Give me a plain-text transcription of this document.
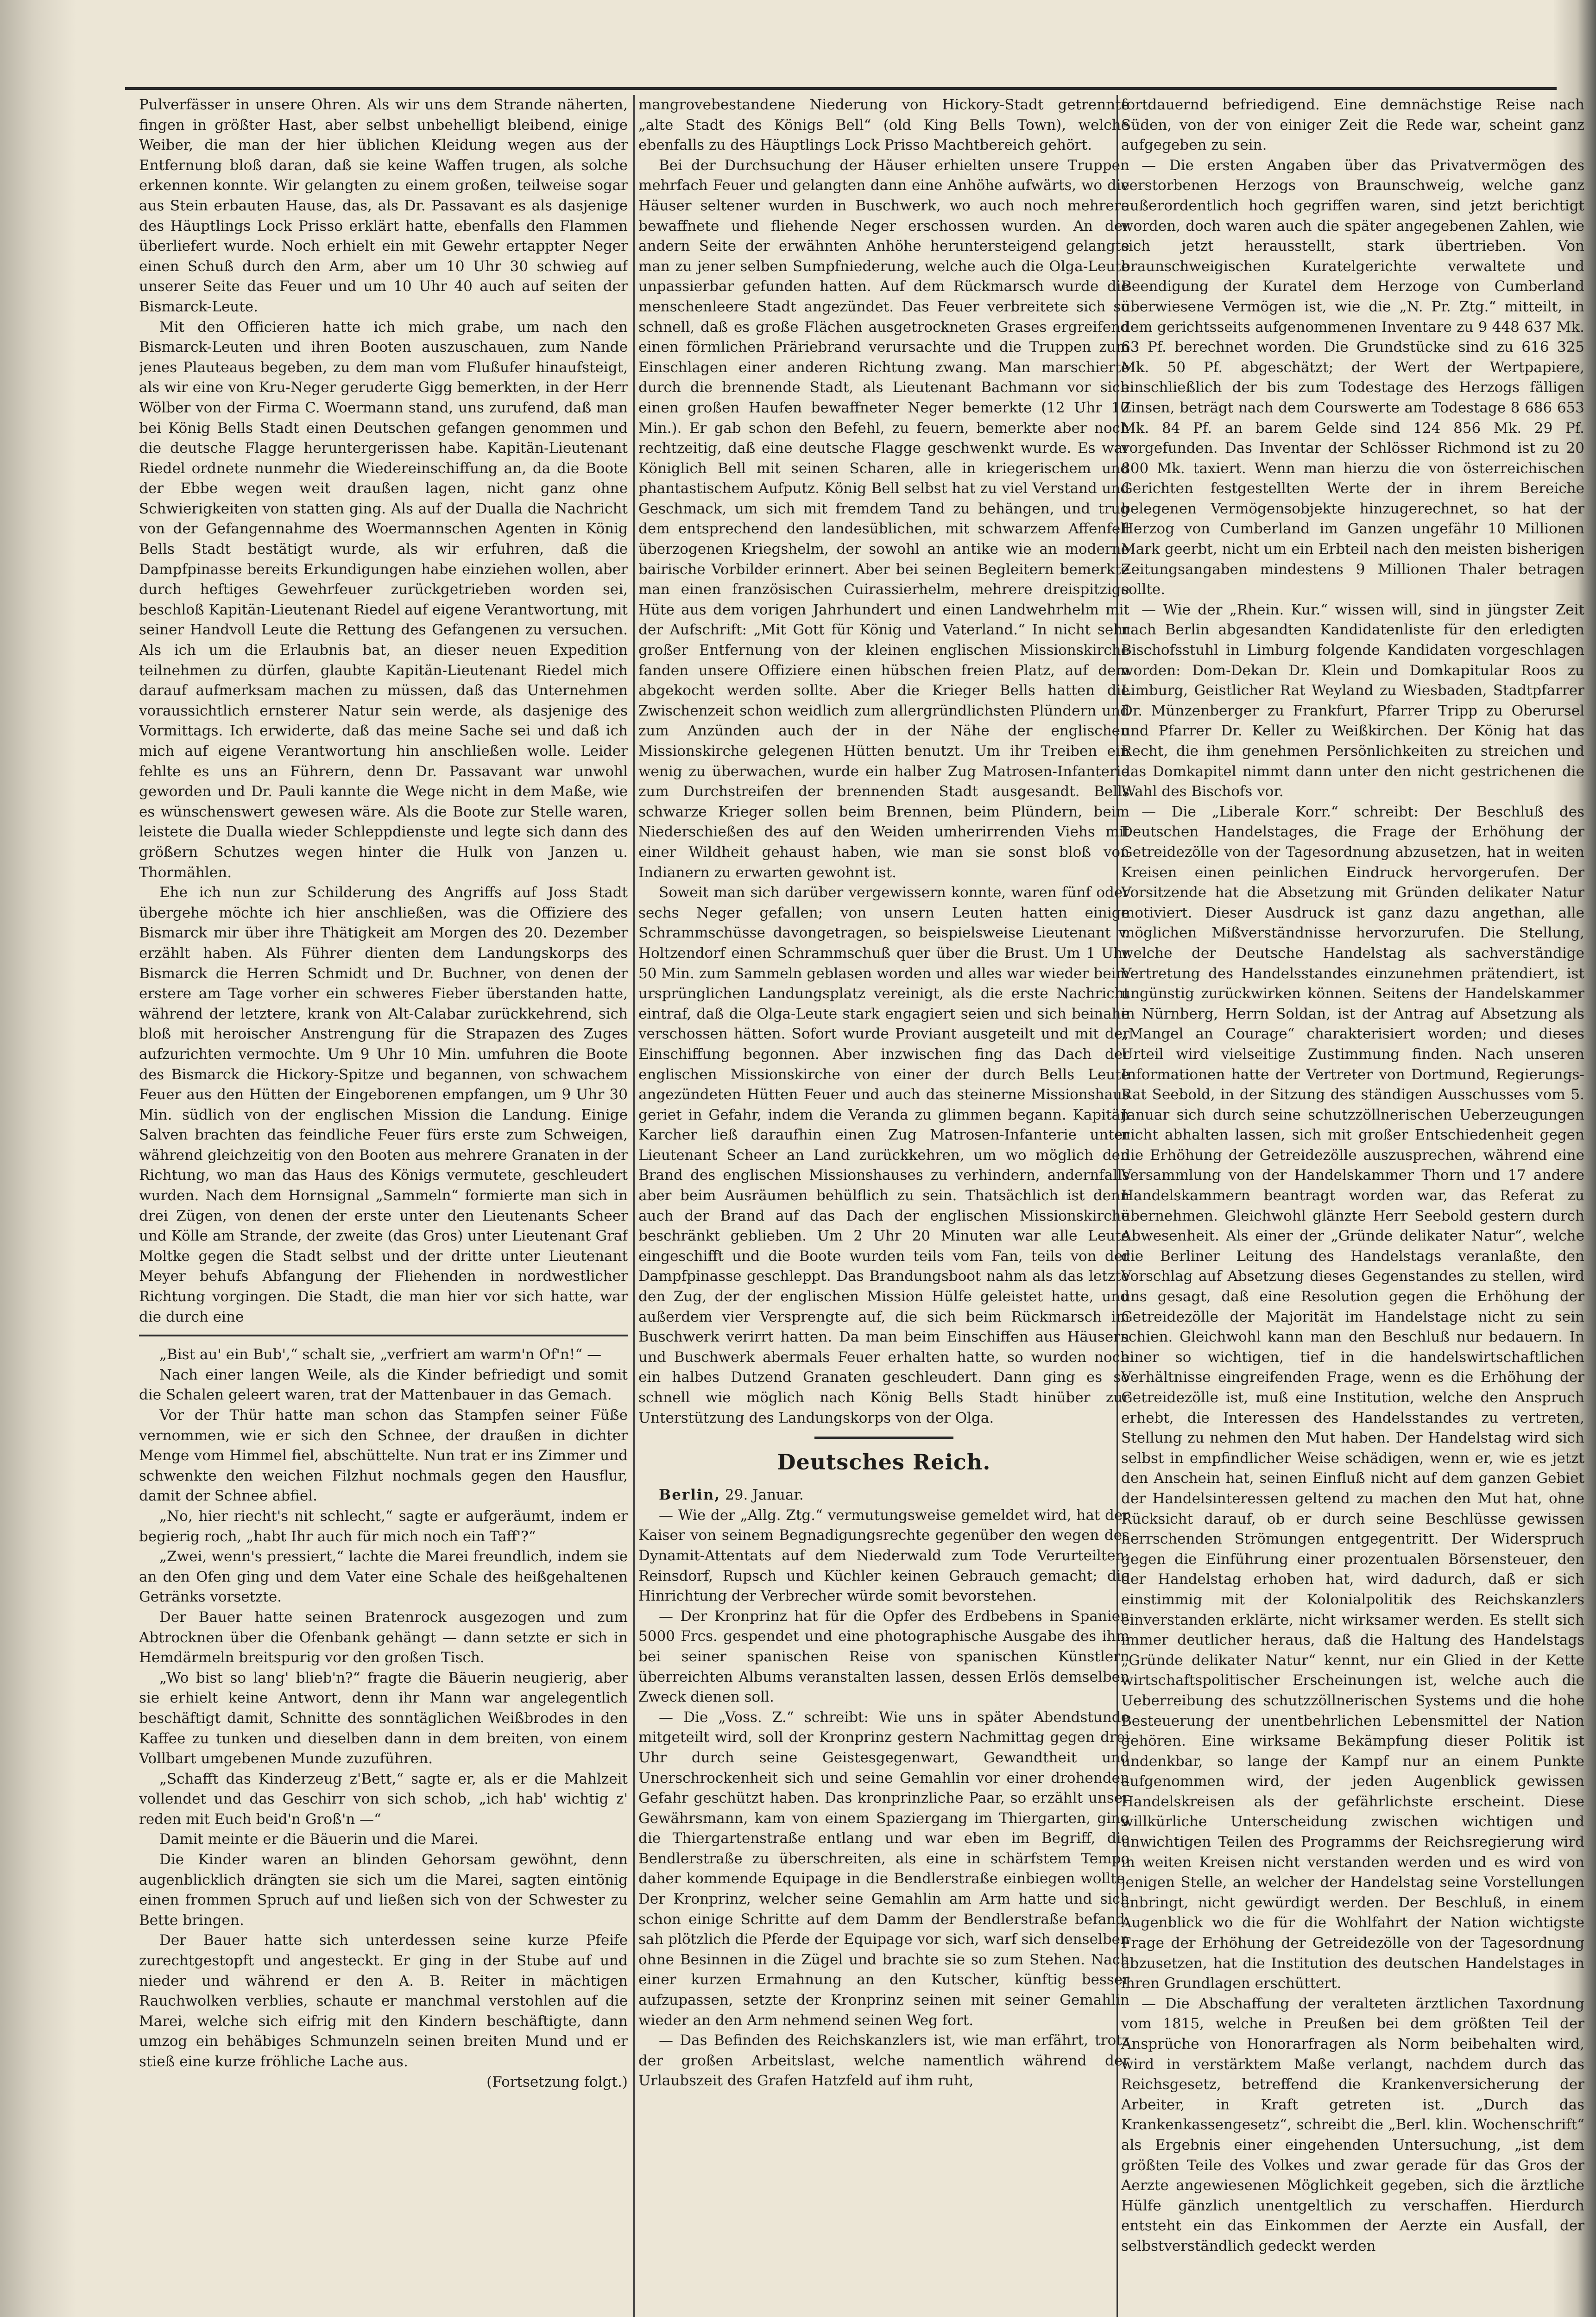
Pulverfässer in unsere Ohren. Als wir uns dem Strande näherten, fingen in größter Hast, aber selbst unbehelligt bleibend, einige Weiber, die man der hier üblichen Kleidung wegen aus der Entfernung bloß daran, daß sie keine Waffen trugen, als solche erkennen konnte. Wir gelangten zu einem großen, teilweise sogar aus Stein erbauten Hause, das, als Dr. Passavant es als dasjenige des Häuptlings Lock Prisso erklärt hatte, ebenfalls den Flammen überliefert wurde. Noch erhielt ein mit Gewehr ertappter Neger einen Schuß durch den Arm, aber um 10 Uhr 30 schwieg auf unserer Seite das Feuer und um 10 Uhr 40 auch auf seiten der Bismarck-Leute.

Mit den Officieren hatte ich mich grabe, um nach den Bismarck-Leuten und ihren Booten auszuschauen, zum Nande jenes Plauteaus begeben, zu dem man vom Flußufer hinaufsteigt, als wir eine von Kru-Neger geruderte Gigg bemerkten, in der Herr Wölber von der Firma C. Woermann stand, uns zurufend, daß man bei König Bells Stadt einen Deutschen gefangen genommen und die deutsche Flagge heruntergerissen habe. Kapitän-Lieutenant Riedel ordnete nunmehr die Wiedereinschiffung an, da die Boote der Ebbe wegen weit draußen lagen, nicht ganz ohne Schwierigkeiten von statten ging. Als auf der Dualla die Nachricht von der Gefangennahme des Woermannschen Agenten in König Bells Stadt bestätigt wurde, als wir erfuhren, daß die Dampfpinasse bereits Erkundigungen habe einziehen wollen, aber durch heftiges Gewehrfeuer zurückgetrieben worden sei, beschloß Kapitän-Lieutenant Riedel auf eigene Verantwortung, mit seiner Handvoll Leute die Rettung des Gefangenen zu versuchen. Als ich um die Erlaubnis bat, an dieser neuen Expedition teilnehmen zu dürfen, glaubte Kapitän-Lieutenant Riedel mich darauf aufmerksam machen zu müssen, daß das Unternehmen voraussichtlich ernsterer Natur sein werde, als dasjenige des Vormittags. Ich erwiderte, daß das meine Sache sei und daß ich mich auf eigene Verantwortung hin anschließen wolle. Leider fehlte es uns an Führern, denn Dr. Passavant war unwohl geworden und Dr. Pauli kannte die Wege nicht in dem Maße, wie es wünschenswert gewesen wäre. Als die Boote zur Stelle waren, leistete die Dualla wieder Schleppdienste und legte sich dann des größern Schutzes wegen hinter die Hulk von Janzen u. Thormählen.

Ehe ich nun zur Schilderung des Angriffs auf Joss Stadt übergehe möchte ich hier anschließen, was die Offiziere des Bismarck mir über ihre Thätigkeit am Morgen des 20. Dezember erzählt haben. Als Führer dienten dem Landungskorps des Bismarck die Herren Schmidt und Dr. Buchner, von denen der erstere am Tage vorher ein schweres Fieber überstanden hatte, während der letztere, krank von Alt-Calabar zurückkehrend, sich bloß mit heroischer Anstrengung für die Strapazen des Zuges aufzurichten vermochte. Um 9 Uhr 10 Min. umfuhren die Boote des Bismarck die Hickory-Spitze und begannen, von schwachem Feuer aus den Hütten der Eingeborenen empfangen, um 9 Uhr 30 Min. südlich von der englischen Mission die Landung. Einige Salven brachten das feindliche Feuer fürs erste zum Schweigen, während gleichzeitig von den Booten aus mehrere Granaten in der Richtung, wo man das Haus des Königs vermutete, geschleudert wurden. Nach dem Hornsignal „Sammeln“ formierte man sich in drei Zügen, von denen der erste unter den Lieutenants Scheer und Kölle am Strande, der zweite (das Gros) unter Lieutenant Graf Moltke gegen die Stadt selbst und der dritte unter Lieutenant Meyer behufs Abfangung der Fliehenden in nordwestlicher Richtung vorgingen. Die Stadt, die man hier vor sich hatte, war die durch eine

„Bist au' ein Bub',“ schalt sie, „verfriert am warm'n Of'n!“ —

Nach einer langen Weile, als die Kinder befriedigt und somit die Schalen geleert waren, trat der Mattenbauer in das Gemach.

Vor der Thür hatte man schon das Stampfen seiner Füße vernommen, wie er sich den Schnee, der draußen in dichter Menge vom Himmel fiel, abschüttelte. Nun trat er ins Zimmer und schwenkte den weichen Filzhut nochmals gegen den Hausflur, damit der Schnee abfiel.

„No, hier riecht's nit schlecht,“ sagte er aufgeräumt, indem er begierig roch, „habt Ihr auch für mich noch ein Taff'?“

„Zwei, wenn's pressiert,“ lachte die Marei freundlich, indem sie an den Ofen ging und dem Vater eine Schale des heißgehaltenen Getränks vorsetzte.

Der Bauer hatte seinen Bratenrock ausgezogen und zum Abtrocknen über die Ofenbank gehängt — dann setzte er sich in Hemdärmeln breitspurig vor den großen Tisch.

„Wo bist so lang' blieb'n?“ fragte die Bäuerin neugierig, aber sie erhielt keine Antwort, denn ihr Mann war angelegentlich beschäftigt damit, Schnitte des sonntäglichen Weißbrodes in den Kaffee zu tunken und dieselben dann in dem breiten, von einem Vollbart umgebenen Munde zuzuführen.

„Schafft das Kinderzeug z'Bett,“ sagte er, als er die Mahlzeit vollendet und das Geschirr von sich schob, „ich hab' wichtig z' reden mit Euch beid'n Groß'n —“

Damit meinte er die Bäuerin und die Marei.

Die Kinder waren an blinden Gehorsam gewöhnt, denn augenblicklich drängten sie sich um die Marei, sagten eintönig einen frommen Spruch auf und ließen sich von der Schwester zu Bette bringen.

Der Bauer hatte sich unterdessen seine kurze Pfeife zurechtgestopft und angesteckt. Er ging in der Stube auf und nieder und während er den A. B. Reiter in mächtigen Rauchwolken verblies, schaute er manchmal verstohlen auf die Marei, welche sich eifrig mit den Kindern beschäftigte, dann umzog ein behäbiges Schmunzeln seinen breiten Mund und er stieß eine kurze fröhliche Lache aus.

(Fortsetzung folgt.)

mangrovebestandene Niederung von Hickory-Stadt getrennte „alte Stadt des Königs Bell“ (old King Bells Town), welche ebenfalls zu des Häuptlings Lock Prisso Machtbereich gehört.

Bei der Durchsuchung der Häuser erhielten unsere Truppen mehrfach Feuer und gelangten dann eine Anhöhe aufwärts, wo die Häuser seltener wurden in Buschwerk, wo auch noch mehrere bewaffnete und fliehende Neger erschossen wurden. An der andern Seite der erwähnten Anhöhe heruntersteigend gelangte man zu jener selben Sumpfniederung, welche auch die Olga-Leute unpassierbar gefunden hatten. Auf dem Rückmarsch wurde die menschenleere Stadt angezündet. Das Feuer verbreitete sich so schnell, daß es große Flächen ausgetrockneten Grases ergreifend einen förmlichen Präriebrand verursachte und die Truppen zum Einschlagen einer anderen Richtung zwang. Man marschierte durch die brennende Stadt, als Lieutenant Bachmann vor sich einen großen Haufen bewaffneter Neger bemerkte (12 Uhr 10 Min.). Er gab schon den Befehl, zu feuern, bemerkte aber noch rechtzeitig, daß eine deutsche Flagge geschwenkt wurde. Es war Königlich Bell mit seinen Scharen, alle in kriegerischem und phantastischem Aufputz. König Bell selbst hat zu viel Verstand und Geschmack, um sich mit fremdem Tand zu behängen, und trug dem entsprechend den landesüblichen, mit schwarzem Affenfell überzogenen Kriegshelm, der sowohl an antike wie an moderne bairische Vorbilder erinnert. Aber bei seinen Begleitern bemerkte man einen französischen Cuirassierhelm, mehrere dreispitzige Hüte aus dem vorigen Jahrhundert und einen Landwehrhelm mit der Aufschrift: „Mit Gott für König und Vaterland.“ In nicht sehr großer Entfernung von der kleinen englischen Missionskirche fanden unsere Offiziere einen hübschen freien Platz, auf dem abgekocht werden sollte. Aber die Krieger Bells hatten die Zwischenzeit schon weidlich zum allergründlichsten Plündern und zum Anzünden auch der in der Nähe der englischen Missionskirche gelegenen Hütten benutzt. Um ihr Treiben ein wenig zu überwachen, wurde ein halber Zug Matrosen-Infanterie zum Durchstreifen der brennenden Stadt ausgesandt. Bells schwarze Krieger sollen beim Brennen, beim Plündern, beim Niederschießen des auf den Weiden umherirrenden Viehs mit einer Wildheit gehaust haben, wie man sie sonst bloß von Indianern zu erwarten gewohnt ist.

Soweit man sich darüber vergewissern konnte, waren fünf oder sechs Neger gefallen; von unsern Leuten hatten einige Schrammschüsse davongetragen, so beispielsweise Lieutenant v. Holtzendorf einen Schrammschuß quer über die Brust. Um 1 Uhr 50 Min. zum Sammeln geblasen worden und alles war wieder beim ursprünglichen Landungsplatz vereinigt, als die erste Nachricht eintraf, daß die Olga-Leute stark engagiert seien und sich beinahe verschossen hätten. Sofort wurde Proviant ausgeteilt und mit der Einschiffung begonnen. Aber inzwischen fing das Dach der englischen Missionskirche von einer der durch Bells Leute angezündeten Hütten Feuer und auch das steinerne Missionshaus geriet in Gefahr, indem die Veranda zu glimmen begann. Kapitän Karcher ließ daraufhin einen Zug Matrosen-Infanterie unter Lieutenant Scheer an Land zurückkehren, um wo möglich den Brand des englischen Missionshauses zu verhindern, andernfalls aber beim Ausräumen behülflich zu sein. Thatsächlich ist denn auch der Brand auf das Dach der englischen Missionskirche beschränkt geblieben. Um 2 Uhr 20 Minuten war alle Leute eingeschifft und die Boote wurden teils vom Fan, teils von der Dampfpinasse geschleppt. Das Brandungsboot nahm als das letzte den Zug, der der englischen Mission Hülfe geleistet hatte, und außerdem vier Versprengte auf, die sich beim Rückmarsch im Buschwerk verirrt hatten. Da man beim Einschiffen aus Häusern und Buschwerk abermals Feuer erhalten hatte, so wurden noch ein halbes Dutzend Granaten geschleudert. Dann ging es so schnell wie möglich nach König Bells Stadt hinüber zur Unterstützung des Landungskorps von der Olga.

Deutsches Reich.

Berlin, 29. Januar.

— Wie der „Allg. Ztg.“ vermutungsweise gemeldet wird, hat der Kaiser von seinem Begnadigungsrechte gegenüber den wegen des Dynamit-Attentats auf dem Niederwald zum Tode Verurteilten: Reinsdorf, Rupsch und Küchler keinen Gebrauch gemacht; die Hinrichtung der Verbrecher würde somit bevorstehen.

— Der Kronprinz hat für die Opfer des Erdbebens in Spanien 5000 Frcs. gespendet und eine photographische Ausgabe des ihm bei seiner spanischen Reise von spanischen Künstlern überreichten Albums veranstalten lassen, dessen Erlös demselben Zweck dienen soll.

— Die „Voss. Z.“ schreibt: Wie uns in später Abendstunde mitgeteilt wird, soll der Kronprinz gestern Nachmittag gegen drei Uhr durch seine Geistesgegenwart, Gewandtheit und Unerschrockenheit sich und seine Gemahlin vor einer drohenden Gefahr geschützt haben. Das kronprinzliche Paar, so erzählt unser Gewährsmann, kam von einem Spaziergang im Thiergarten, ging die Thiergartenstraße entlang und war eben im Begriff, die Bendlerstraße zu überschreiten, als eine in schärfstem Tempo daher kommende Equipage in die Bendlerstraße einbiegen wollte. Der Kronprinz, welcher seine Gemahlin am Arm hatte und sich schon einige Schritte auf dem Damm der Bendlerstraße befand, sah plötzlich die Pferde der Equipage vor sich, warf sich denselben ohne Besinnen in die Zügel und brachte sie so zum Stehen. Nach einer kurzen Ermahnung an den Kutscher, künftig besser aufzupassen, setzte der Kronprinz seinen mit seiner Gemahlin wieder an den Arm nehmend seinen Weg fort.

— Das Befinden des Reichskanzlers ist, wie man erfährt, trotz der großen Arbeitslast, welche namentlich während der Urlaubszeit des Grafen Hatzfeld auf ihm ruht,

fortdauernd befriedigend. Eine demnächstige Reise nach Süden, von der von einiger Zeit die Rede war, scheint ganz aufgegeben zu sein.

— Die ersten Angaben über das Privatvermögen des verstorbenen Herzogs von Braunschweig, welche ganz außerordentlich hoch gegriffen waren, sind jetzt berichtigt worden, doch waren auch die später angegebenen Zahlen, wie sich jetzt herausstellt, stark übertrieben. Von braunschweigischen Kuratelgerichte verwaltete und Beendigung der Kuratel dem Herzoge von Cumberland überwiesene Vermögen ist, wie die „N. Pr. Ztg.“ mitteilt, in dem gerichtsseits aufgenommenen Inventare zu 9 448 637 Mk. 63 Pf. berechnet worden. Die Grundstücke sind zu 616 325 Mk. 50 Pf. abgeschätzt; der Wert der Wertpapiere, einschließlich der bis zum Todestage des Herzogs fälligen Zinsen, beträgt nach dem Courswerte am Todestage 8 686 653 Mk. 84 Pf. an barem Gelde sind 124 856 Mk. 29 Pf. vorgefunden. Das Inventar der Schlösser Richmond ist zu 20 800 Mk. taxiert. Wenn man hierzu die von österreichischen Gerichten festgestellten Werte der in ihrem Bereiche belegenen Vermögensobjekte hinzugerechnet, so hat der Herzog von Cumberland im Ganzen ungefähr 10 Millionen Mark geerbt, nicht um ein Erbteil nach den meisten bisherigen Zeitungsangaben mindestens 9 Millionen Thaler betragen sollte.

— Wie der „Rhein. Kur.“ wissen will, sind in jüngster Zeit nach Berlin abgesandten Kandidatenliste für den erledigten Bischofsstuhl in Limburg folgende Kandidaten vorgeschlagen worden: Dom-Dekan Dr. Klein und Domkapitular Roos zu Limburg, Geistlicher Rat Weyland zu Wiesbaden, Stadtpfarrer Dr. Münzenberger zu Frankfurt, Pfarrer Tripp zu Oberursel und Pfarrer Dr. Keller zu Weißkirchen. Der König hat das Recht, die ihm genehmen Persönlichkeiten zu streichen und das Domkapitel nimmt dann unter den nicht gestrichenen die Wahl des Bischofs vor.

— Die „Liberale Korr.“ schreibt: Der Beschluß des Deutschen Handelstages, die Frage der Erhöhung der Getreidezölle von der Tagesordnung abzusetzen, hat in weiten Kreisen einen peinlichen Eindruck hervorgerufen. Der Vorsitzende hat die Absetzung mit Gründen delikater Natur motiviert. Dieser Ausdruck ist ganz dazu angethan, alle möglichen Mißverständnisse hervorzurufen. Die Stellung, welche der Deutsche Handelstag als sachverständige Vertretung des Handelsstandes einzunehmen prätendiert, ist ungünstig zurückwirken können. Seitens der Handelskammer in Nürnberg, Herrn Soldan, ist der Antrag auf Absetzung als „Mangel an Courage“ charakterisiert worden; und dieses Urteil wird vielseitige Zustimmung finden. Nach unseren Informationen hatte der Vertreter von Dortmund, Regierungs-Rat Seebold, in der Sitzung des ständigen Ausschusses vom 5. Januar sich durch seine schutzzöllnerischen Ueberzeugungen nicht abhalten lassen, sich mit großer Entschiedenheit gegen die Erhöhung der Getreidezölle auszusprechen, während eine Versammlung von der Handelskammer Thorn und 17 andere Handelskammern beantragt worden war, das Referat zu übernehmen. Gleichwohl glänzte Herr Seebold gestern durch Abwesenheit. Als einer der „Gründe delikater Natur“, welche die Berliner Leitung des Handelstags veranlaßte, den Vorschlag auf Absetzung dieses Gegenstandes zu stellen, wird uns gesagt, daß eine Resolution gegen die Erhöhung der Getreidezölle der Majorität im Handelstage nicht zu sein schien. Gleichwohl kann man den Beschluß nur bedauern. In einer so wichtigen, tief in die handelswirtschaftlichen Verhältnisse eingreifenden Frage, wenn es die Erhöhung der Getreidezölle ist, muß eine Institution, welche den Anspruch erhebt, die Interessen des Handelsstandes zu vertreten, Stellung zu nehmen den Mut haben. Der Handelstag wird sich selbst in empfindlicher Weise schädigen, wenn er, wie es jetzt den Anschein hat, seinen Einfluß nicht auf dem ganzen Gebiet der Handelsinteressen geltend zu machen den Mut hat, ohne Rücksicht darauf, ob er durch seine Beschlüsse gewissen herrschenden Strömungen entgegentritt. Der Widerspruch gegen die Einführung einer prozentualen Börsensteuer, den der Handelstag erhoben hat, wird dadurch, daß er sich einstimmig mit der Kolonialpolitik des Reichskanzlers einverstanden erklärte, nicht wirksamer werden. Es stellt sich immer deutlicher heraus, daß die Haltung des Handelstags „Gründe delikater Natur“ kennt, nur ein Glied in der Kette wirtschaftspolitischer Erscheinungen ist, welche auch die Ueberreibung des schutzzöllnerischen Systems und die hohe Besteuerung der unentbehrlichen Lebensmittel der Nation gehören. Eine wirksame Bekämpfung dieser Politik ist undenkbar, so lange der Kampf nur an einem Punkte aufgenommen wird, der jeden Augenblick gewissen Handelskreisen als der gefährlichste erscheint. Diese willkürliche Unterscheidung zwischen wichtigen und unwichtigen Teilen des Programms der Reichsregierung wird in weiten Kreisen nicht verstanden werden und es wird von jenigen Stelle, an welcher der Handelstag seine Vorstellungen anbringt, nicht gewürdigt werden. Der Beschluß, in einem Augenblick wo die für die Wohlfahrt der Nation wichtigste Frage der Erhöhung der Getreidezölle von der Tagesordnung abzusetzen, hat die Institution des deutschen Handelstages in ihren Grundlagen erschüttert.

— Die Abschaffung der veralteten ärztlichen Taxordnung vom 1815, welche in Preußen bei dem größten Teil der Ansprüche von Honorarfragen als Norm beibehalten wird, wird in verstärktem Maße verlangt, nachdem durch das Reichsgesetz, betreffend die Krankenversicherung der Arbeiter, in Kraft getreten ist. „Durch das Krankenkassengesetz“, schreibt die „Berl. klin. Wochenschrift“ als Ergebnis einer eingehenden Untersuchung, „ist dem größten Teile des Volkes und zwar gerade für das Gros der Aerzte angewiesenen Möglichkeit gegeben, sich die ärztliche Hülfe gänzlich unentgeltlich zu verschaffen. Hierdurch entsteht ein das Einkommen der Aerzte ein Ausfall, der selbstverständlich gedeckt werden
